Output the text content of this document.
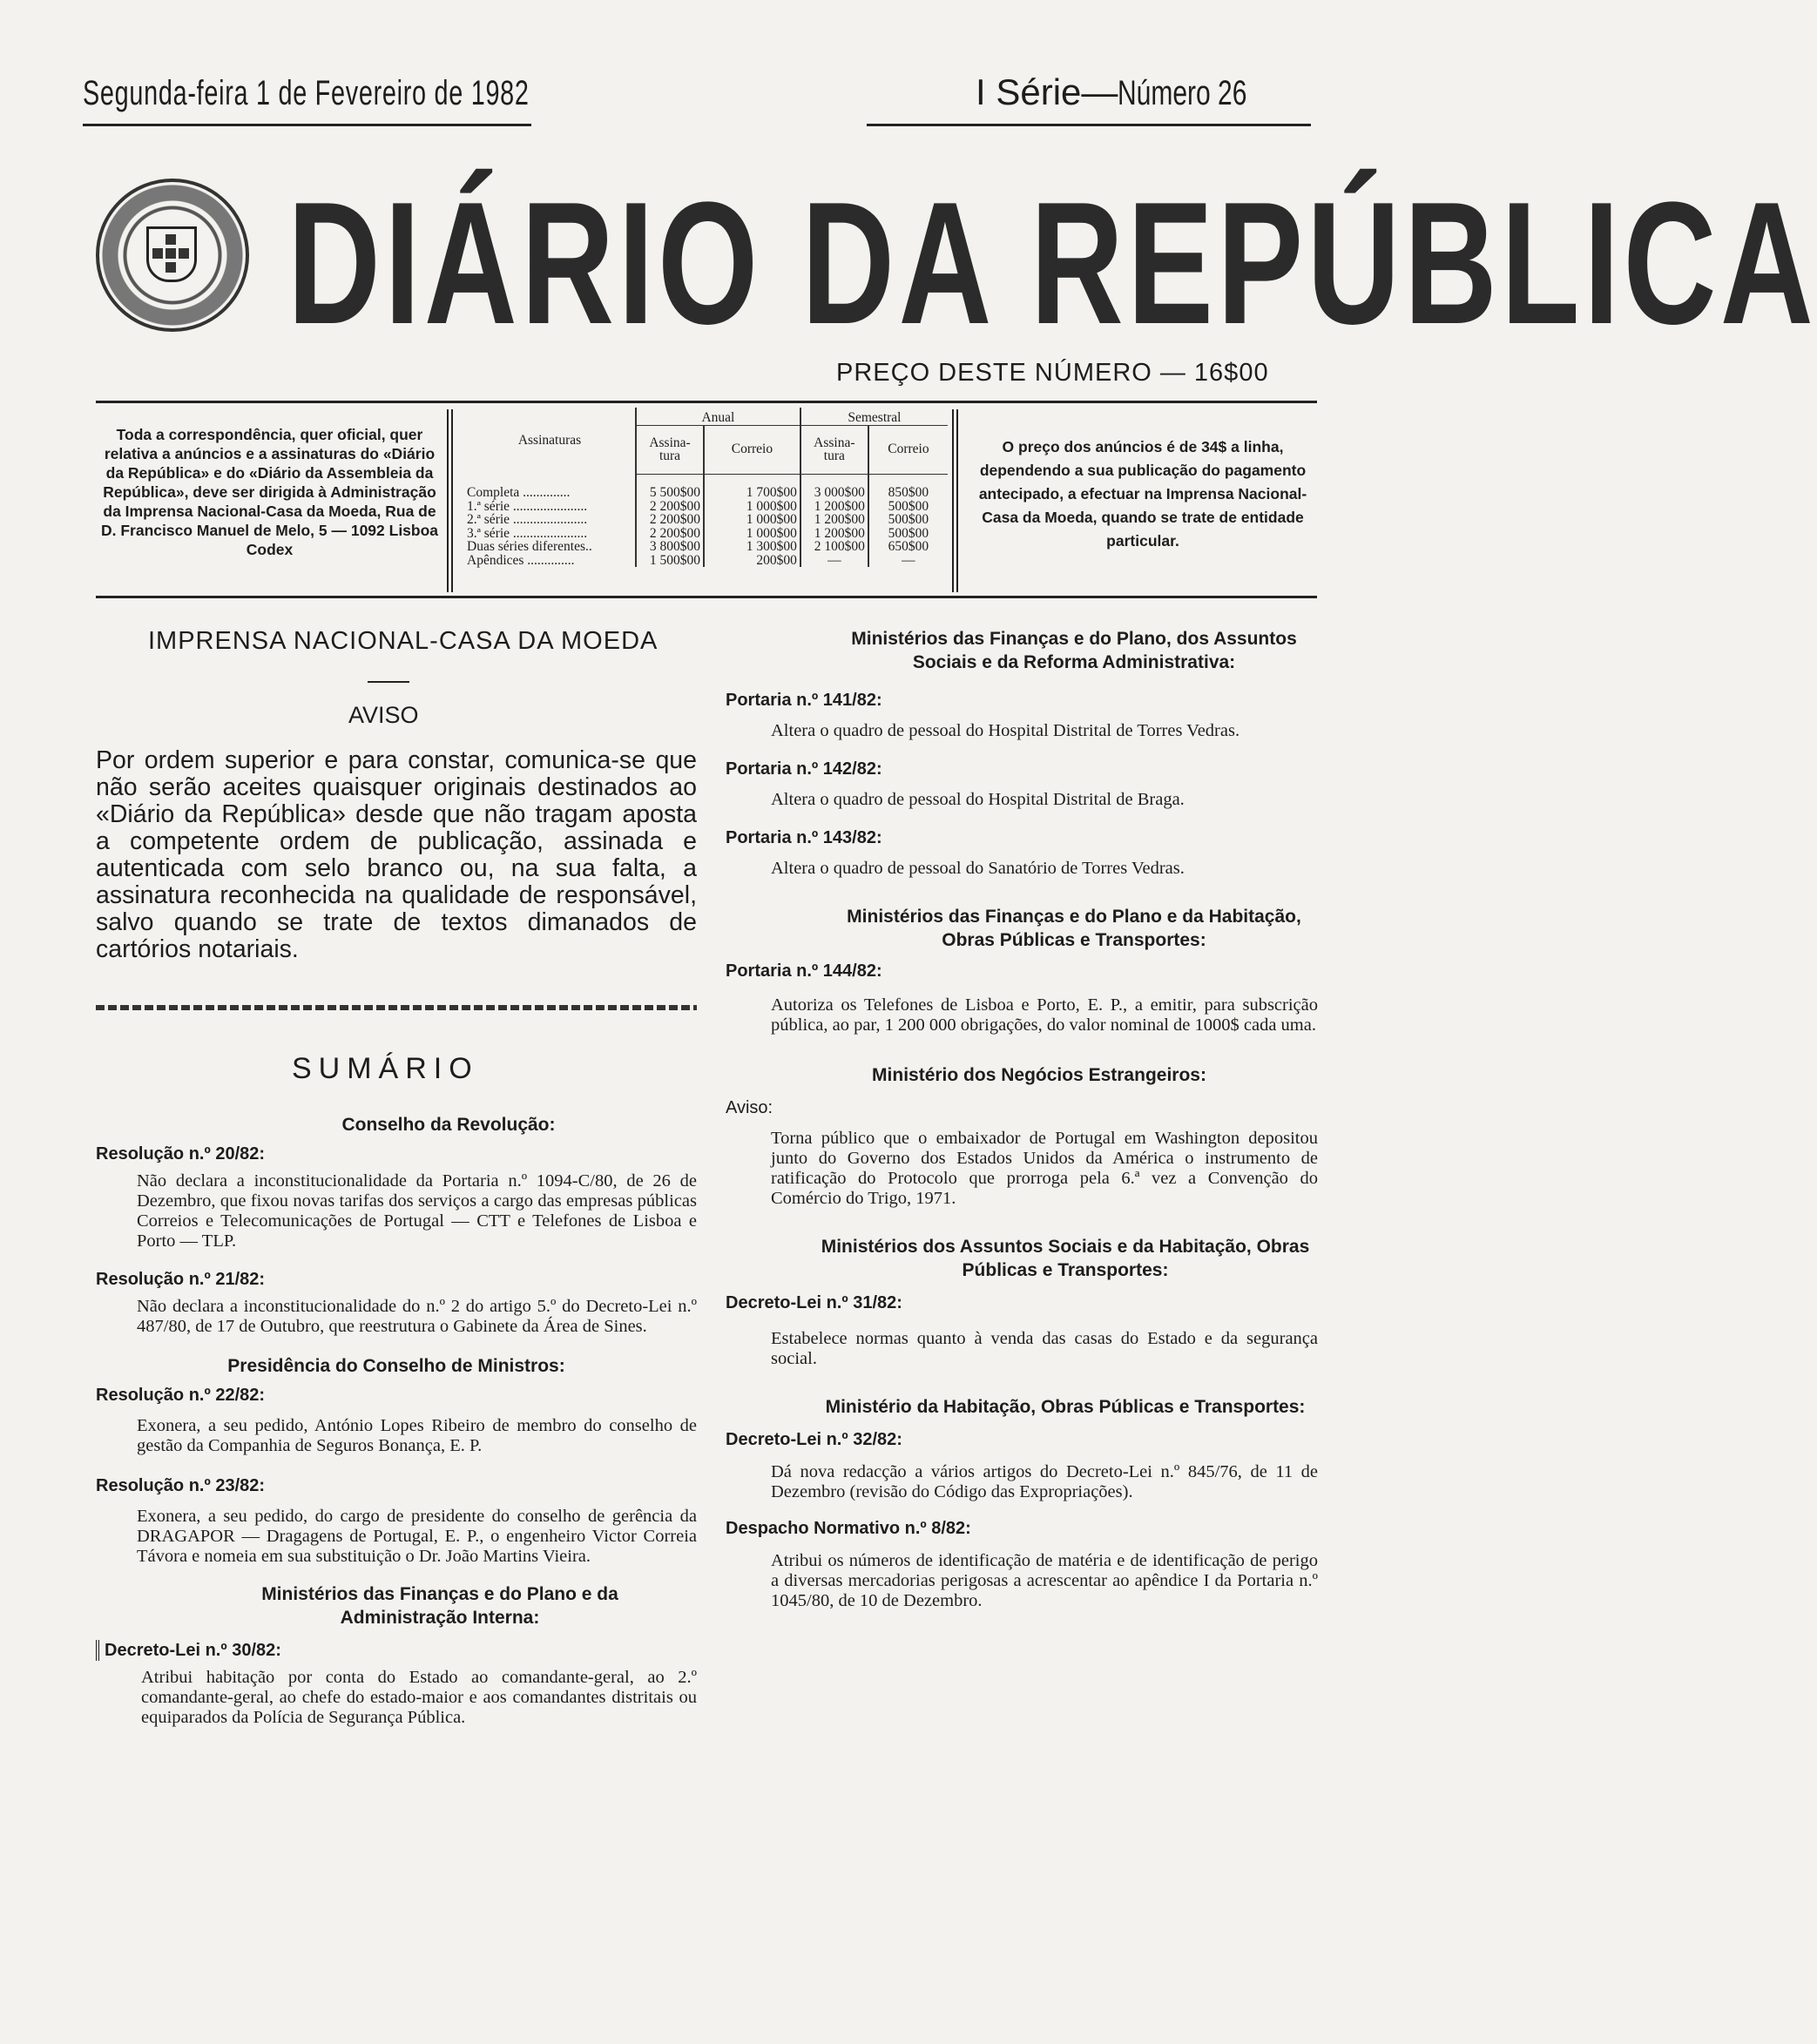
Segunda-feira 1 de Fevereiro de 1982	I Série—Número 26
DIÁRIO DA REPÚBLICA
PREÇO DESTE NÚMERO — 16$00
Toda a correspondência, quer oficial, quer relativa a anúncios e a assinaturas do «Diário da República» e do «Diário da Assembleia da República», deve ser dirigida à Administração da Imprensa Nacional-Casa da Moeda, Rua de D. Francisco Manuel de Melo, 5 — 1092 Lisboa Codex
Assinaturas	Anual		Semestral	
	Assina-tura	Correio	Assina-tura	Correio

Completa ..............	5 500$00	1 700$00	3 000$00	850$00
1.ª série ......................	2 200$00	1 000$00	1 200$00	500$00
2.ª série ......................	2 200$00	1 000$00	1 200$00	500$00
3.ª série ......................	2 200$00	1 000$00	1 200$00	500$00
Duas séries diferentes..	3 800$00	1 300$00	2 100$00	650$00
Apêndices ..............	1 500$00	200$00	—	—
O preço dos anúncios é de 34$ a linha, dependendo a sua publicação do pagamento antecipado, a efectuar na Imprensa Nacional-Casa da Moeda, quando se trate de entidade particular.
IMPRENSA NACIONAL-CASA DA MOEDA
AVISO
Por ordem superior e para constar, comunica-se que não serão aceites quaisquer originais destinados ao «Diário da República» desde que não tragam aposta a competente ordem de publicação, assinada e autenticada com selo branco ou, na sua falta, a assinatura reconhecida na qualidade de responsável, salvo quando se trate de textos dimanados de cartórios notariais.
SUMÁRIO
Conselho da Revolução:
Resolução n.º 20/82:
Não declara a inconstitucionalidade da Portaria n.º 1094-C/80, de 26 de Dezembro, que fixou novas tarifas dos serviços a cargo das empresas públicas Correios e Telecomunicações de Portugal — CTT e Telefones de Lisboa e Porto — TLP.
Resolução n.º 21/82:
Não declara a inconstitucionalidade do n.º 2 do artigo 5.º do Decreto-Lei n.º 487/80, de 17 de Outubro, que reestrutura o Gabinete da Área de Sines.
Presidência do Conselho de Ministros:
Resolução n.º 22/82:
Exonera, a seu pedido, António Lopes Ribeiro de membro do conselho de gestão da Companhia de Seguros Bonança, E. P.
Resolução n.º 23/82:
Exonera, a seu pedido, do cargo de presidente do conselho de gerência da DRAGAPOR — Dragagens de Portugal, E. P., o engenheiro Victor Correia Távora e nomeia em sua substituição o Dr. João Martins Vieira.
Ministérios das Finanças e do Plano e da Administração Interna:
Decreto-Lei n.º 30/82:
Atribui habitação por conta do Estado ao comandante-geral, ao 2.º comandante-geral, ao chefe do estado-maior e aos comandantes distritais ou equiparados da Polícia de Segurança Pública.
Ministérios das Finanças e do Plano, dos Assuntos Sociais e da Reforma Administrativa:
Portaria n.º 141/82:
Altera o quadro de pessoal do Hospital Distrital de Torres Vedras.
Portaria n.º 142/82:
Altera o quadro de pessoal do Hospital Distrital de Braga.
Portaria n.º 143/82:
Altera o quadro de pessoal do Sanatório de Torres Vedras.
Ministérios das Finanças e do Plano e da Habitação, Obras Públicas e Transportes:
Portaria n.º 144/82:
Autoriza os Telefones de Lisboa e Porto, E. P., a emitir, para subscrição pública, ao par, 1 200 000 obrigações, do valor nominal de 1000$ cada uma.
Ministério dos Negócios Estrangeiros:
Aviso:
Torna público que o embaixador de Portugal em Washington depositou junto do Governo dos Estados Unidos da América o instrumento de ratificação do Protocolo que prorroga pela 6.ª vez a Convenção do Comércio do Trigo, 1971.
Ministérios dos Assuntos Sociais e da Habitação, Obras Públicas e Transportes:
Decreto-Lei n.º 31/82:
Estabelece normas quanto à venda das casas do Estado e da segurança social.
Ministério da Habitação, Obras Públicas e Transportes:
Decreto-Lei n.º 32/82:
Dá nova redacção a vários artigos do Decreto-Lei n.º 845/76, de 11 de Dezembro (revisão do Código das Expropriações).
Despacho Normativo n.º 8/82:
Atribui os números de identificação de matéria e de identificação de perigo a diversas mercadorias perigosas a acrescentar ao apêndice I da Portaria n.º 1045/80, de 10 de Dezembro.
